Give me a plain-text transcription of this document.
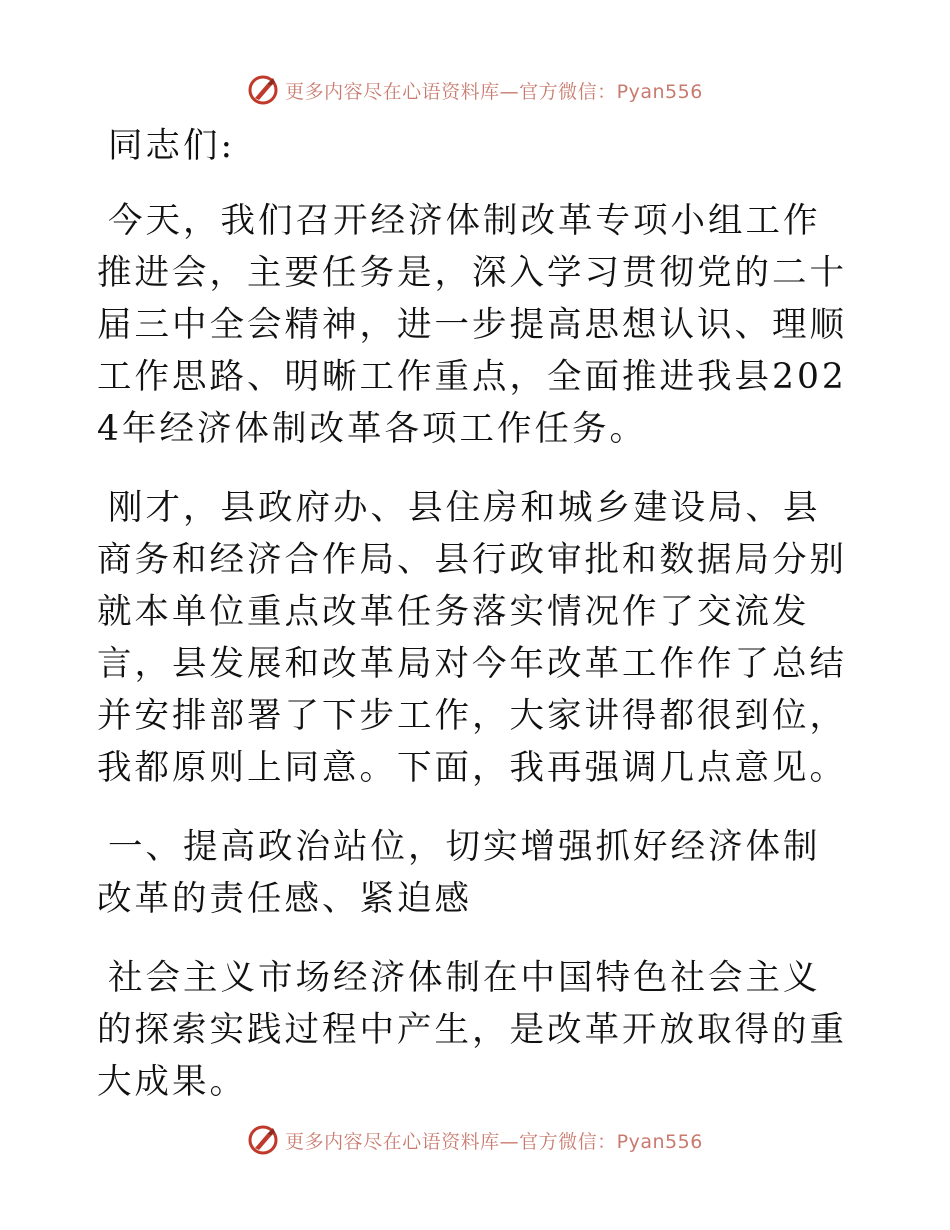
更多内容尽在心语资料库—官方微信：Pyan556

同志们:

今天，我们召开经济体制改革专项小组工作推进会，主要任务是，深入学习贯彻党的二十届三中全会精神，进一步提高思想认识、理顺工作思路、明晰工作重点，全面推进我县2024年经济体制改革各项工作任务。

刚才，县政府办、县住房和城乡建设局、县商务和经济合作局、县行政审批和数据局分别就本单位重点改革任务落实情况作了交流发言，县发展和改革局对今年改革工作作了总结并安排部署了下步工作，大家讲得都很到位，我都原则上同意。下面，我再强调几点意见。

一、提高政治站位，切实增强抓好经济体制改革的责任感、紧迫感

社会主义市场经济体制在中国特色社会主义的探索实践过程中产生，是改革开放取得的重大成果。

更多内容尽在心语资料库—官方微信：Pyan556
